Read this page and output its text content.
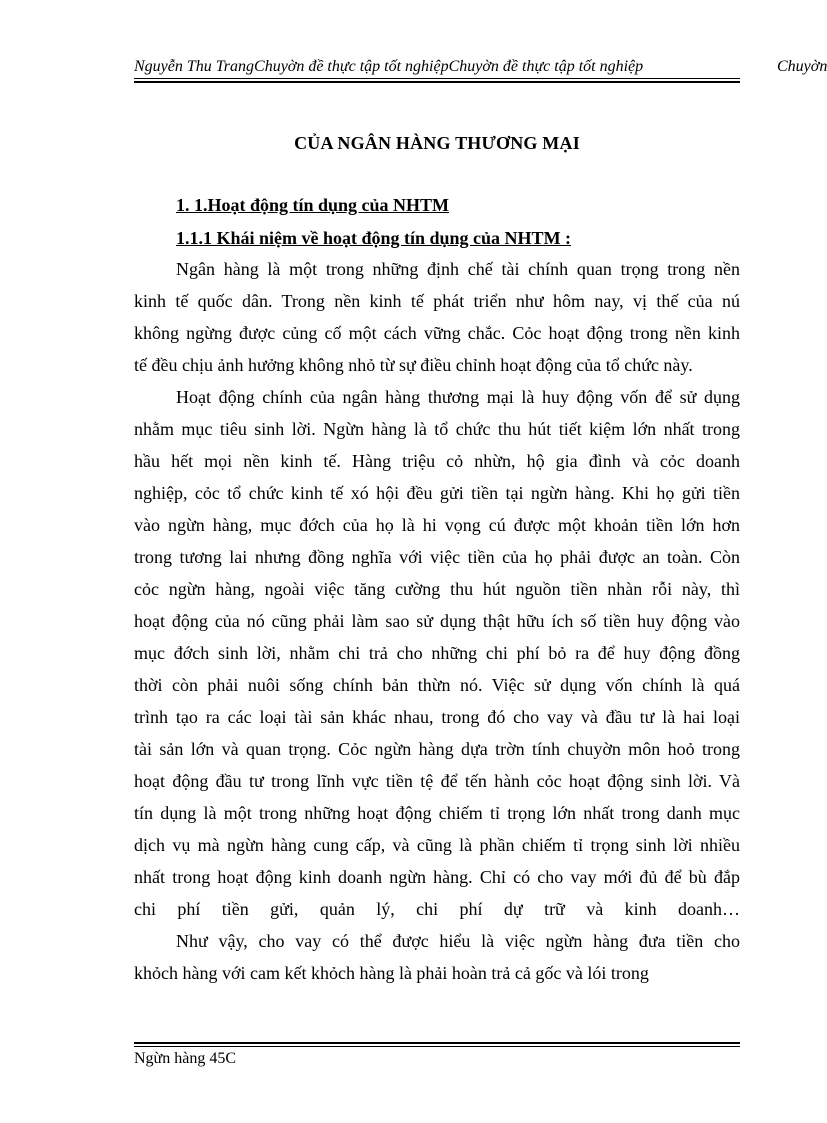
Nguyễn Thu TrangChuyờn đề thực tập tốt nghiệpChuyờn đề thực tập tốt nghiệp	Chuyờn
CỦA NGÂN HÀNG THƯƠNG MẠI
1. 1.Hoạt động tín dụng của NHTM
1.1.1 Khái niệm về hoạt động tín dụng của NHTM :
Ngân hàng là một trong những định chế tài chính quan trọng trong nền
kinh tế quốc dân. Trong nền kinh tế phát triển như hôm nay, vị thế của nú
không ngừng được củng cố một cách vững chắc. Cỏc hoạt động trong nền kinh
tế đều chịu ảnh hưởng không nhỏ từ sự điều chỉnh hoạt động của tổ chức này.
Hoạt động chính của ngân hàng thương mại là huy động vốn để sử dụng
nhằm mục tiêu sinh lời. Ngừn hàng là tổ chức thu hút tiết kiệm lớn nhất trong
hầu hết mọi nền kinh tế. Hàng triệu cỏ nhừn, hộ gia đình và cỏc doanh
nghiệp, cỏc tổ chức kinh tế xó hội đều gửi tiền tại ngừn hàng. Khi họ gửi tiền
vào ngừn hàng, mục đớch của họ là hi vọng cú được một khoản tiền lớn hơn
trong tương lai nhưng đồng nghĩa với việc tiền của họ phải được an toàn. Còn
cỏc ngừn hàng, ngoài việc tăng cường thu hút nguồn tiền nhàn rỗi này, thì
hoạt động của nó cũng phải làm sao sử dụng thật hữu ích số tiền huy động vào
mục đớch sinh lời, nhằm chi trả cho những chi phí bỏ ra để huy động đồng
thời còn phải nuôi sống chính bản thừn nó. Việc sử dụng vốn chính là quá
trình tạo ra các loại tài sản khác nhau, trong đó cho vay và đầu tư là hai loại
tài sản lớn và quan trọng. Cỏc ngừn hàng dựa trờn tính chuyờn môn hoỏ trong
hoạt động đầu tư trong lĩnh vực tiền tệ để tến hành cỏc hoạt động sinh lời. Và
tín dụng là một trong những hoạt động chiếm tỉ trọng lớn nhất trong danh mục
dịch vụ mà ngừn hàng cung cấp, và cũng là phần chiếm tỉ trọng sinh lời nhiều
nhất trong hoạt động kinh doanh ngừn hàng. Chỉ có cho vay mới đủ để bù đắp
chi phí tiền gửi, quản lý, chi phí dự trữ và kinh doanh…
Như vậy, cho vay có thể được hiểu là việc ngừn hàng đưa tiền cho
khỏch hàng với cam kết khỏch hàng là phải hoàn trả cả gốc và lói trong
Ngừn hàng 45C
